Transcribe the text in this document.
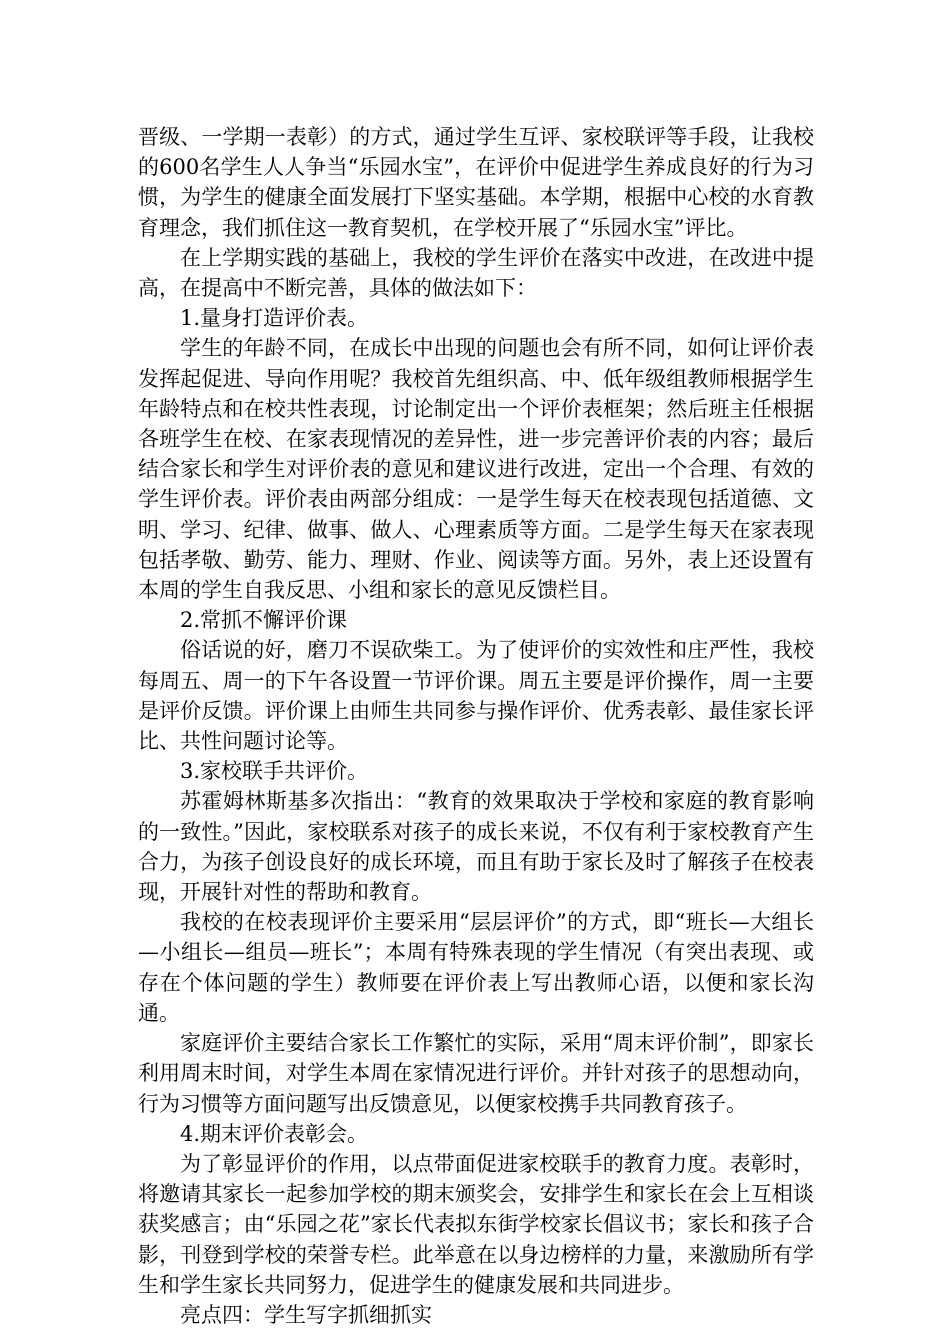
晋级、一学期一表彰）的方式，通过学生互评、家校联评等手段，让我校的600名学生人人争当“乐园水宝”，在评价中促进学生养成良好的行为习惯，为学生的健康全面发展打下坚实基础。本学期，根据中心校的水育教育理念，我们抓住这一教育契机，在学校开展了“乐园水宝”评比。

在上学期实践的基础上，我校的学生评价在落实中改进，在改进中提高，在提高中不断完善，具体的做法如下：

1.量身打造评价表。

学生的年龄不同，在成长中出现的问题也会有所不同，如何让评价表发挥起促进、导向作用呢？我校首先组织高、中、低年级组教师根据学生年龄特点和在校共性表现，讨论制定出一个评价表框架；然后班主任根据各班学生在校、在家表现情况的差异性，进一步完善评价表的内容；最后结合家长和学生对评价表的意见和建议进行改进，定出一个合理、有效的学生评价表。评价表由两部分组成：一是学生每天在校表现包括道德、文明、学习、纪律、做事、做人、心理素质等方面。二是学生每天在家表现包括孝敬、勤劳、能力、理财、作业、阅读等方面。另外，表上还设置有本周的学生自我反思、小组和家长的意见反馈栏目。

2.常抓不懈评价课

俗话说的好，磨刀不误砍柴工。为了使评价的实效性和庄严性，我校每周五、周一的下午各设置一节评价课。周五主要是评价操作，周一主要是评价反馈。评价课上由师生共同参与操作评价、优秀表彰、最佳家长评比、共性问题讨论等。

3.家校联手共评价。

苏霍姆林斯基多次指出：“教育的效果取决于学校和家庭的教育影响的一致性。”因此，家校联系对孩子的成长来说，不仅有利于家校教育产生合力，为孩子创设良好的成长环境，而且有助于家长及时了解孩子在校表现，开展针对性的帮助和教育。

我校的在校表现评价主要采用“层层评价”的方式，即“班长—大组长—小组长—组员—班长”；本周有特殊表现的学生情况（有突出表现、或存在个体问题的学生）教师要在评价表上写出教师心语，以便和家长沟通。

家庭评价主要结合家长工作繁忙的实际，采用“周末评价制”，即家长利用周末时间，对学生本周在家情况进行评价。并针对孩子的思想动向，行为习惯等方面问题写出反馈意见，以便家校携手共同教育孩子。

4.期末评价表彰会。

为了彰显评价的作用，以点带面促进家校联手的教育力度。表彰时，将邀请其家长一起参加学校的期末颁奖会，安排学生和家长在会上互相谈获奖感言；由“乐园之花”家长代表拟东街学校家长倡议书；家长和孩子合影，刊登到学校的荣誉专栏。此举意在以身边榜样的力量，来激励所有学生和学生家长共同努力，促进学生的健康发展和共同进步。

亮点四：学生写字抓细抓实
